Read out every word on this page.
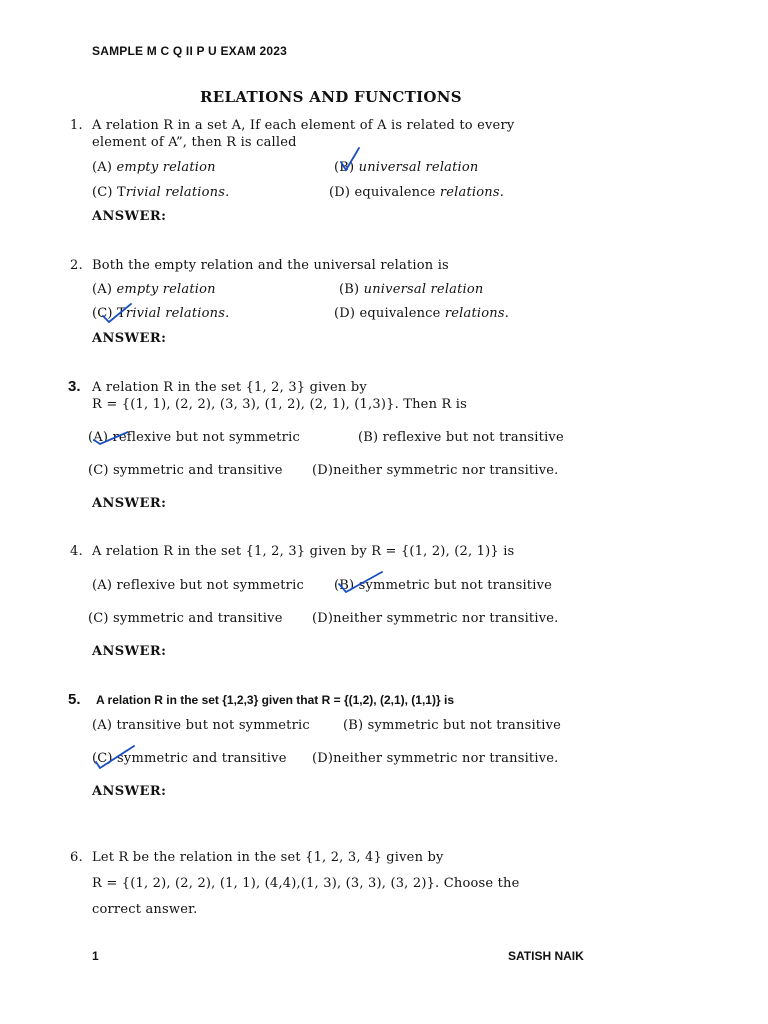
SAMPLE M C Q II P U EXAM 2023
RELATIONS AND FUNCTIONS
1. A relation R in a set A, If each element of A is related to every
element of A”, then R is called
(A) empty relation	(B) universal relation
(C) Trivial relations.	(D) equivalence relations.
ANSWER:
2. Both the empty relation and the universal relation is
(A) empty relation	(B) universal relation
(C) Trivial relations.	(D) equivalence relations.
ANSWER:
3. A relation R in the set {1, 2, 3} given by
R = {(1, 1), (2, 2), (3, 3), (1, 2), (2, 1), (1,3)}. Then R is
(A) reflexive but not symmetric	(B) reflexive but not transitive
(C) symmetric and transitive (D)neither symmetric nor transitive.
ANSWER:
4. A relation R in the set {1, 2, 3} given by R = {(1, 2), (2, 1)} is
(A) reflexive but not symmetric (B) symmetric but not transitive
(C) symmetric and transitive (D)neither symmetric nor transitive.
ANSWER:
5. A relation R in the set {1,2,3} given that R = {(1,2), (2,1), (1,1)} is
(A) transitive but not symmetric	(B) symmetric but not transitive
(C) symmetric and transitive (D)neither symmetric nor transitive.
ANSWER:
6. Let R be the relation in the set {1, 2, 3, 4} given by
R = {(1, 2), (2, 2), (1, 1), (4,4),(1, 3), (3, 3), (3, 2)}. Choose the
correct answer.
1	SATISH NAIK
